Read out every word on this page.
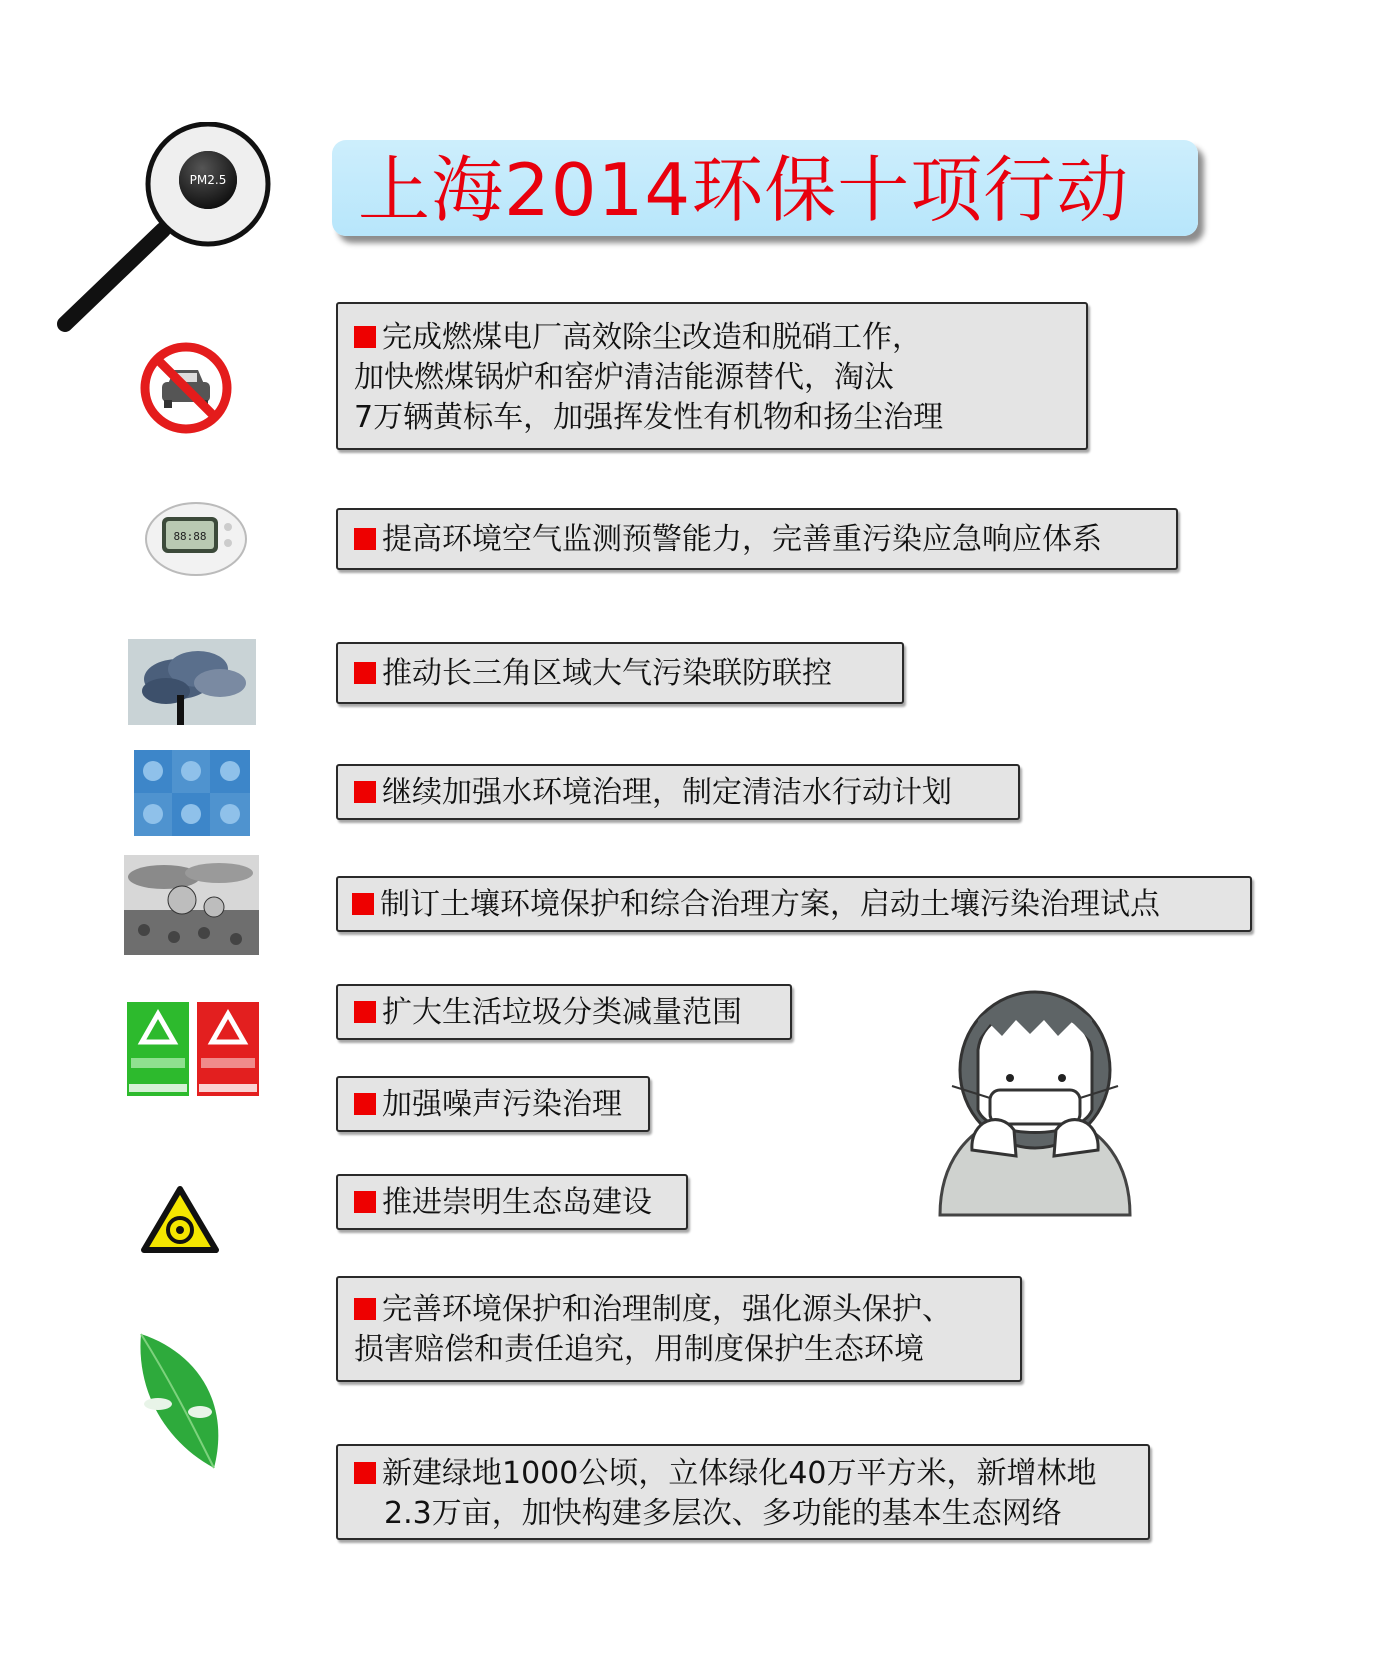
上海2014环保十项行动
PM2.5
88:88

完成燃煤电厂高效除尘改造和脱硝工作，

加快燃煤锅炉和窑炉清洁能源替代，淘汰

7万辆黄标车，加强挥发性有机物和扬尘治理

提高环境空气监测预警能力，完善重污染应急响应体系

推动长三角区域大气污染联防联控

继续加强水环境治理，制定清洁水行动计划

制订土壤环境保护和综合治理方案，启动土壤污染治理试点

扩大生活垃圾分类减量范围

加强噪声污染治理

推进崇明生态岛建设

完善环境保护和治理制度，强化源头保护、

损害赔偿和责任追究，用制度保护生态环境

新建绿地1000公顷，立体绿化40万平方米，新增林地

2.3万亩，加快构建多层次、多功能的基本生态网络
